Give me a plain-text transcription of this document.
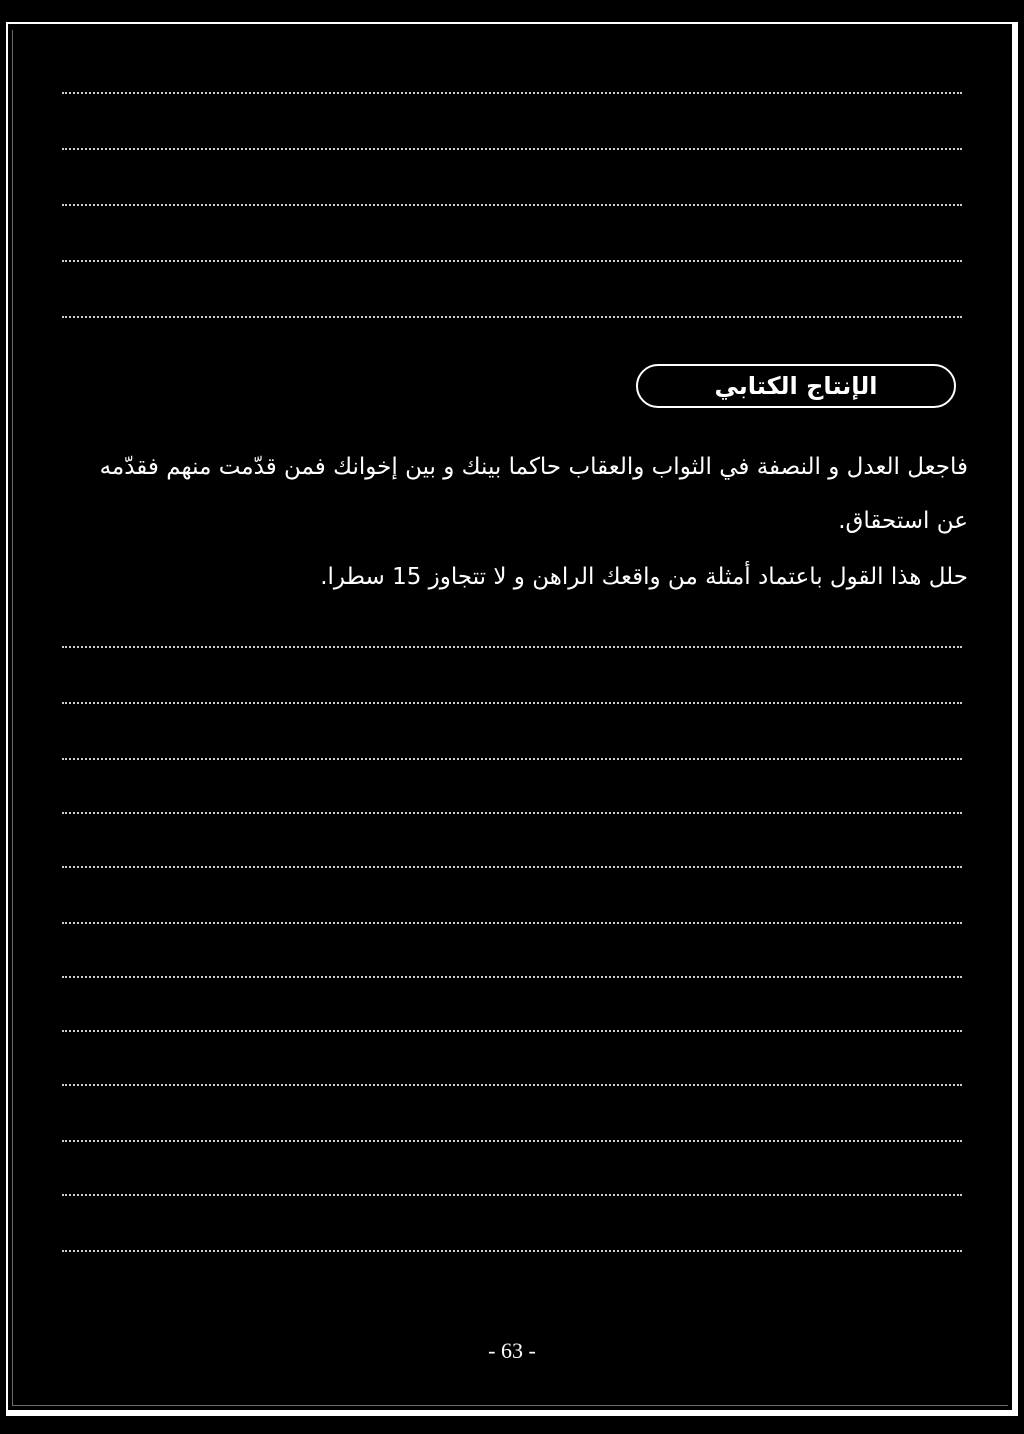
الإنتاج الكتابي
فاجعل العدل و النصفة في الثواب والعقاب حاكما بينك و بين إخوانك فمن قدّمت منهم فقدّمه
عن استحقاق.
حلل هذا القول باعتماد أمثلة من واقعك الراهن و لا تتجاوز 15 سطرا.
- 63 -
